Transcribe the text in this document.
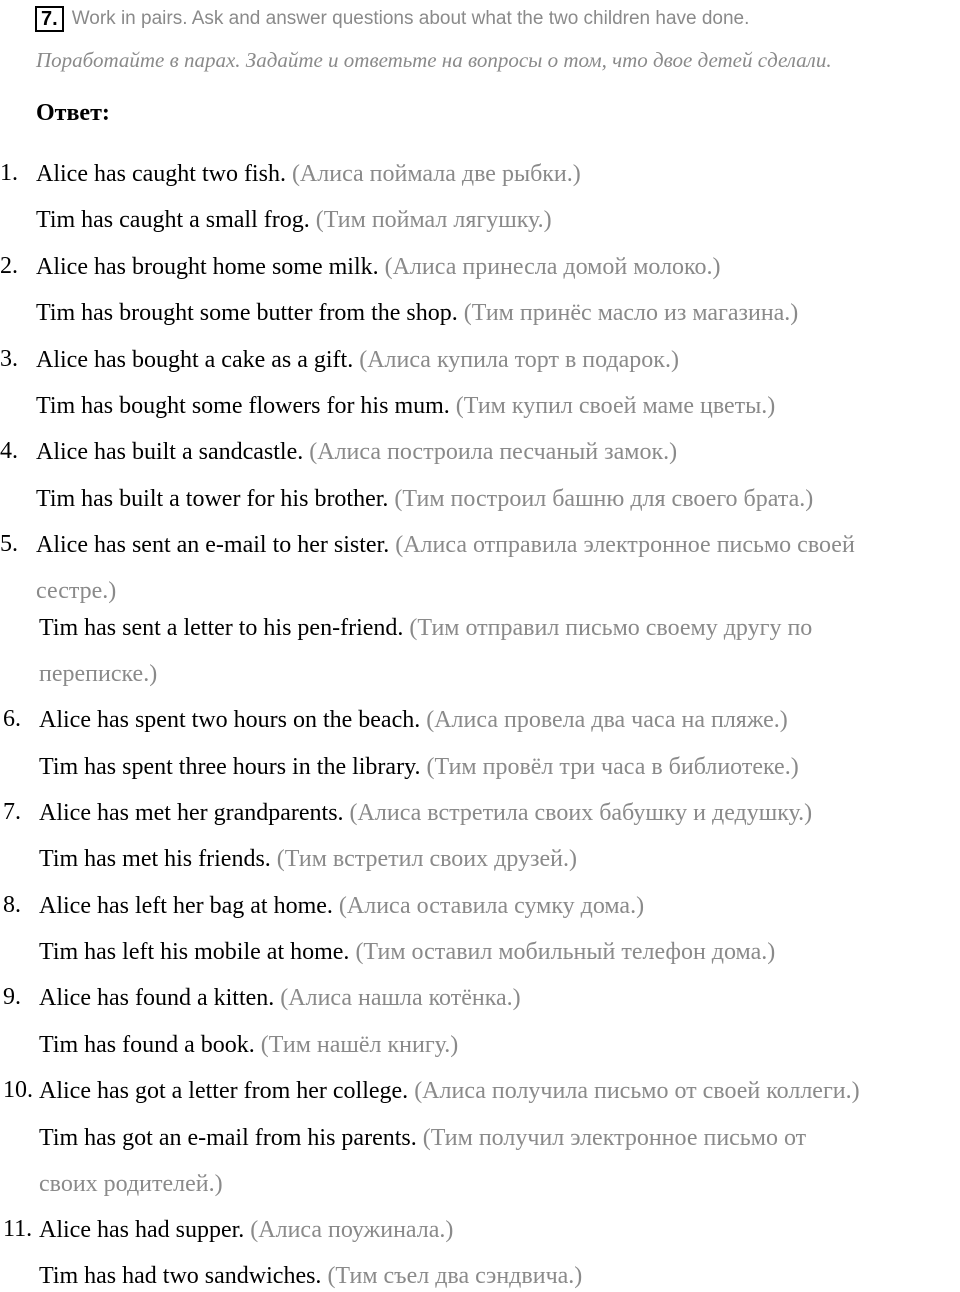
7. Work in pairs. Ask and answer questions about what the two children have done.
Поработайте в парах. Задайте и ответьте на вопросы о том, что двое детей сделали.
Ответ:
1. Alice has caught two fish. (Алиса поймала две рыбки.)
Tim has caught a small frog. (Тим поймал лягушку.)
2. Alice has brought home some milk. (Алиса принесла домой молоко.)
Tim has brought some butter from the shop. (Тим принёс масло из магазина.)
3. Alice has bought a cake as a gift. (Алиса купила торт в подарок.)
Tim has bought some flowers for his mum. (Тим купил своей маме цветы.)
4. Alice has built a sandcastle. (Алиса построила песчаный замок.)
Tim has built a tower for his brother. (Тим построил башню для своего брата.)
5. Alice has sent an e-mail to her sister. (Алиса отправила электронное письмо своей
сестре.)
Tim has sent a letter to his pen-friend. (Тим отправил письмо своему другу по
переписке.)
6. Alice has spent two hours on the beach. (Алиса провела два часа на пляже.)
Tim has spent three hours in the library. (Тим провёл три часа в библиотеке.)
7. Alice has met her grandparents. (Алиса встретила своих бабушку и дедушку.)
Tim has met his friends. (Тим встретил своих друзей.)
8. Alice has left her bag at home. (Алиса оставила сумку дома.)
Tim has left his mobile at home. (Тим оставил мобильный телефон дома.)
9. Alice has found a kitten. (Алиса нашла котёнка.)
Tim has found a book. (Тим нашёл книгу.)
10. Alice has got a letter from her college. (Алиса получила письмо от своей коллеги.)
Tim has got an e-mail from his parents. (Тим получил электронное письмо от
своих родителей.)
11. Alice has had supper. (Алиса поужинала.)
Tim has had two sandwiches. (Тим съел два сэндвича.)
